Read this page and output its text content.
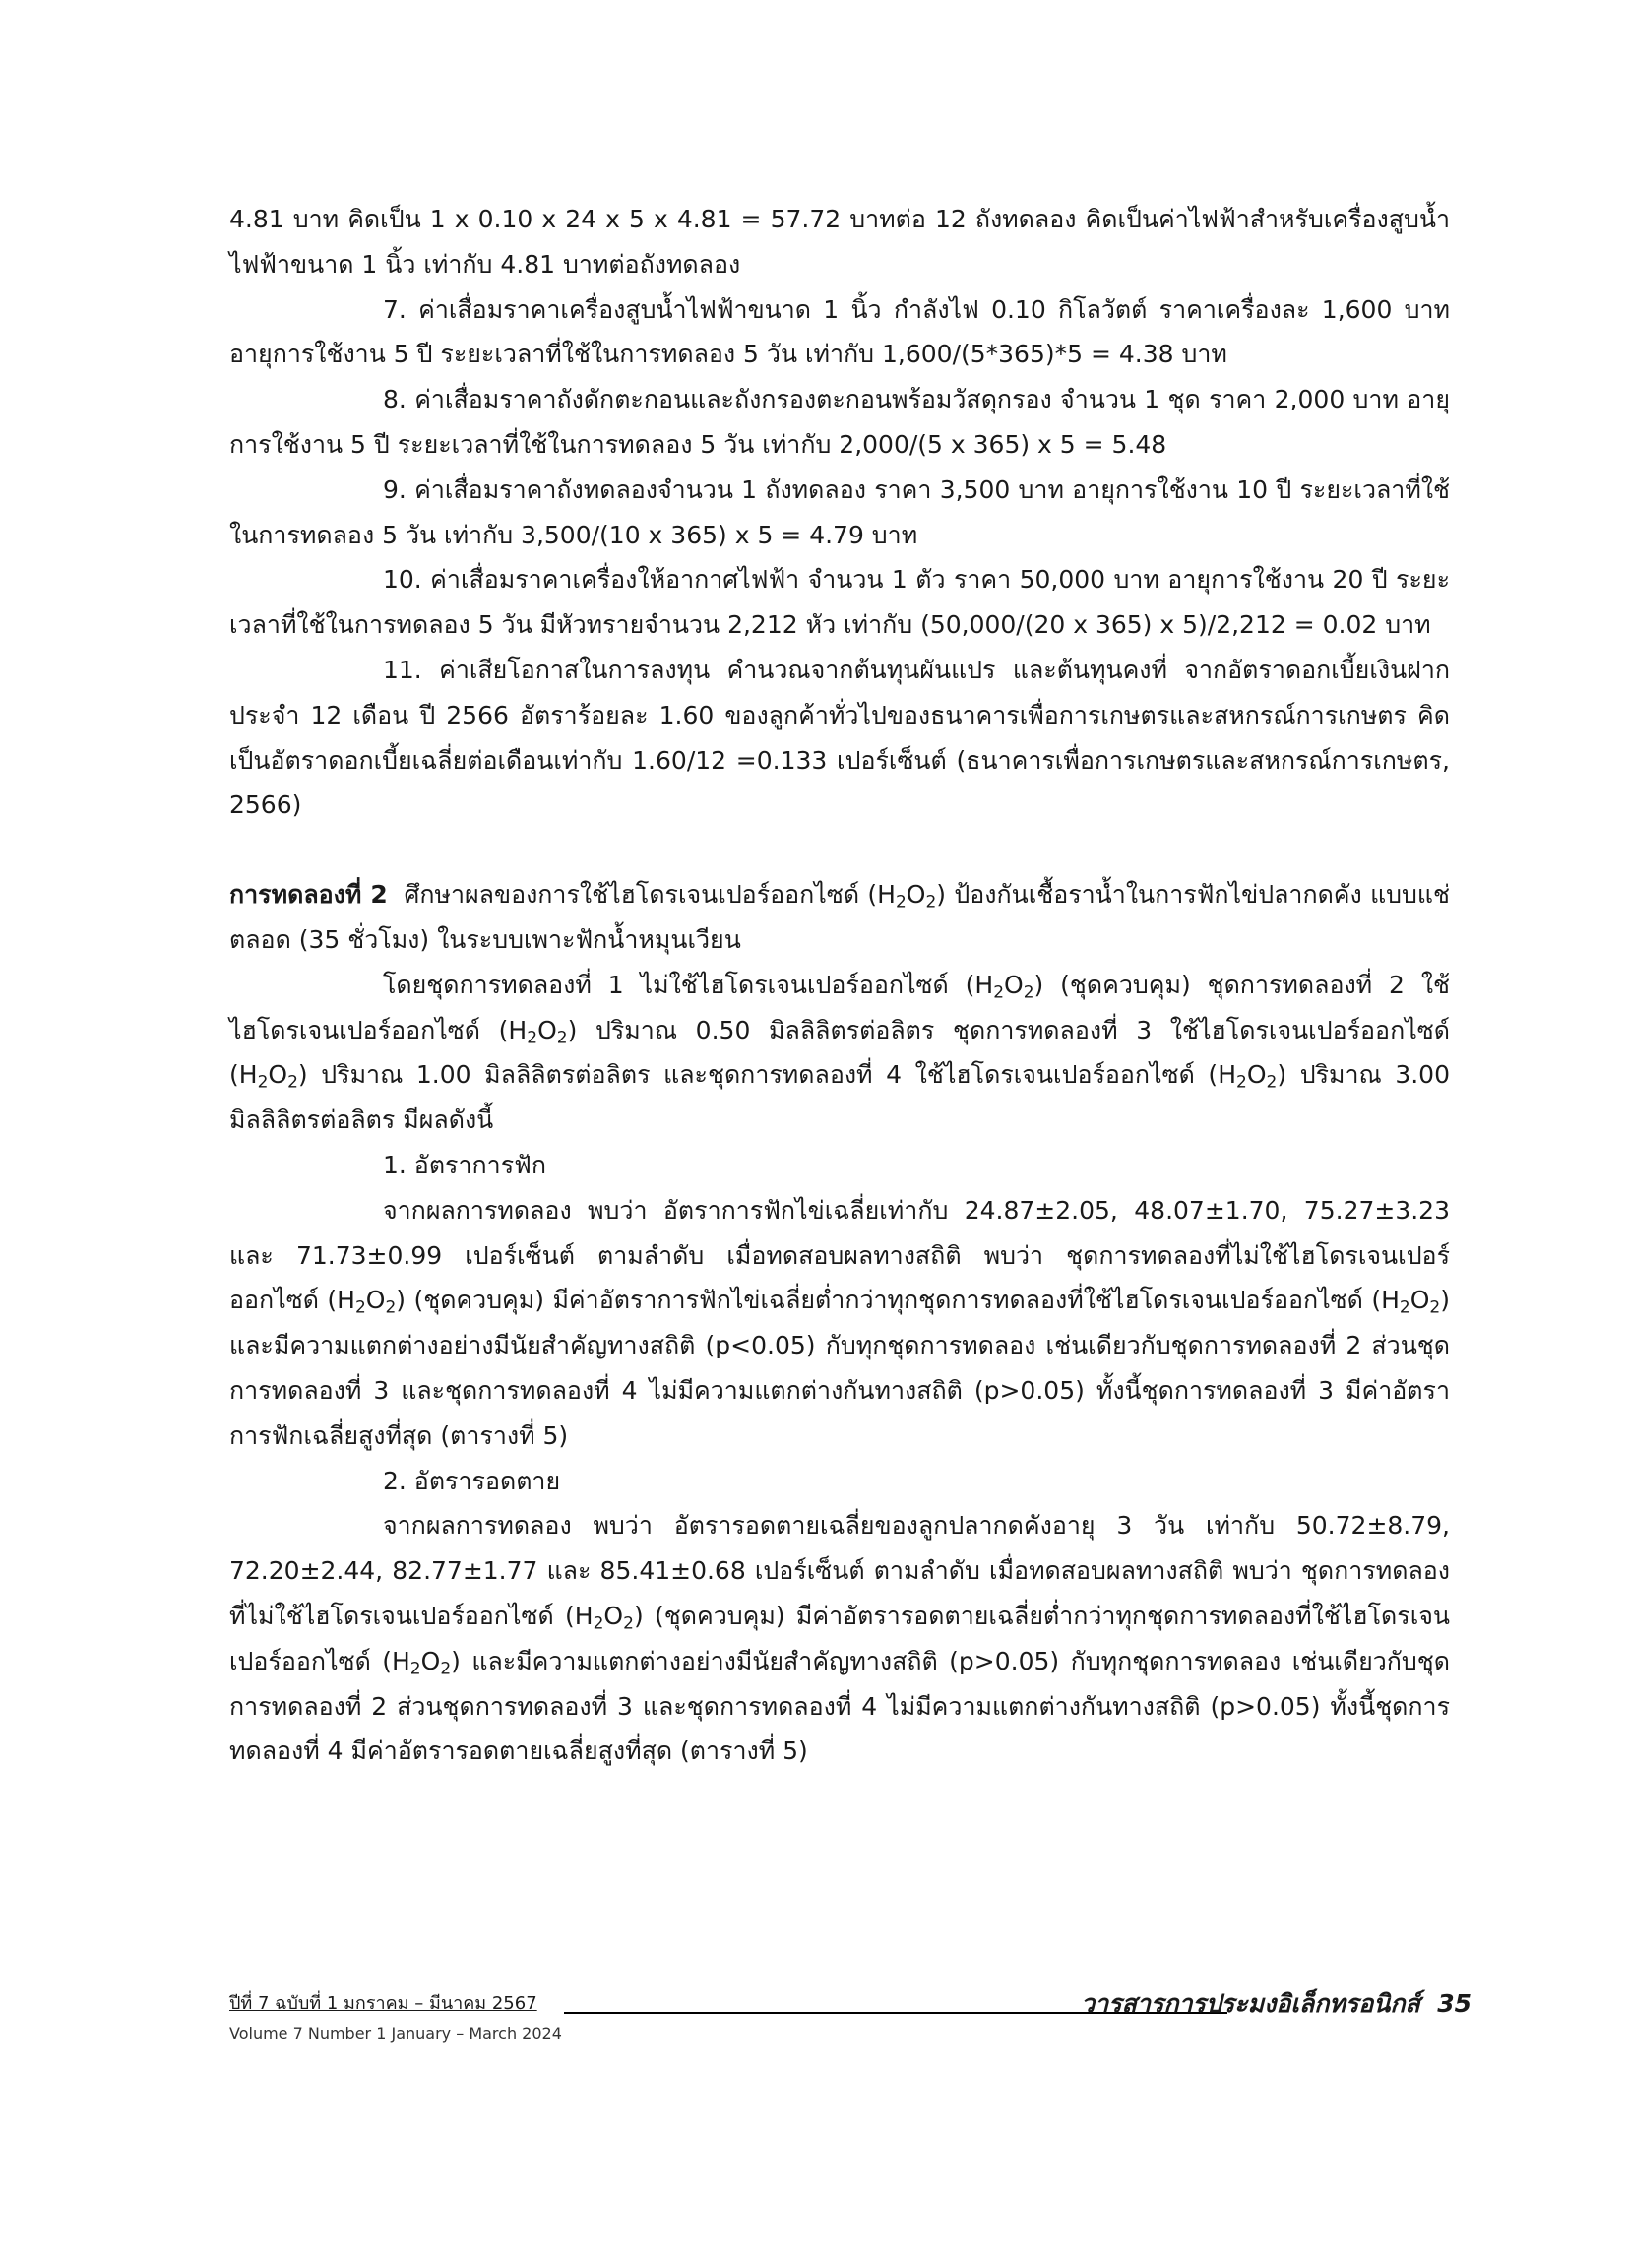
4.81 บาท คิดเป็น 1 x 0.10 x 24 x 5 x 4.81 = 57.72 บาทต่อ 12 ถังทดลอง คิดเป็นค่าไฟฟ้าสำหรับเครื่องสูบน้ำไฟฟ้าขนาด 1 นิ้ว เท่ากับ 4.81 บาทต่อถังทดลอง

7. ค่าเสื่อมราคาเครื่องสูบน้ำไฟฟ้าขนาด 1 นิ้ว กำลังไฟ 0.10 กิโลวัตต์ ราคาเครื่องละ 1,600 บาท อายุการใช้งาน 5 ปี ระยะเวลาที่ใช้ในการทดลอง 5 วัน เท่ากับ 1,600/(5*365)*5 = 4.38 บาท

8. ค่าเสื่อมราคาถังดักตะกอนและถังกรองตะกอนพร้อมวัสดุกรอง จำนวน 1 ชุด ราคา 2,000 บาท อายุการใช้งาน 5 ปี ระยะเวลาที่ใช้ในการทดลอง 5 วัน เท่ากับ 2,000/(5 x 365) x 5 = 5.48

9. ค่าเสื่อมราคาถังทดลองจำนวน 1 ถังทดลอง ราคา 3,500 บาท อายุการใช้งาน 10 ปี ระยะเวลาที่ใช้ในการทดลอง 5 วัน เท่ากับ 3,500/(10 x 365) x 5 = 4.79 บาท

10. ค่าเสื่อมราคาเครื่องให้อากาศไฟฟ้า จำนวน 1 ตัว ราคา 50,000 บาท อายุการใช้งาน 20 ปี ระยะเวลาที่ใช้ในการทดลอง 5 วัน มีหัวทรายจำนวน 2,212 หัว เท่ากับ (50,000/(20 x 365) x 5)/2,212 = 0.02 บาท

11. ค่าเสียโอกาสในการลงทุน คำนวณจากต้นทุนผันแปร และต้นทุนคงที่ จากอัตราดอกเบี้ยเงินฝากประจำ 12 เดือน ปี 2566 อัตราร้อยละ 1.60 ของลูกค้าทั่วไปของธนาคารเพื่อการเกษตรและสหกรณ์การเกษตร คิดเป็นอัตราดอกเบี้ยเฉลี่ยต่อเดือนเท่ากับ 1.60/12 =0.133 เปอร์เซ็นต์ (ธนาคารเพื่อการเกษตรและสหกรณ์การเกษตร, 2566)

การทดลองที่ 2 ศึกษาผลของการใช้ไฮโดรเจนเปอร์ออกไซด์ $(H_2O_2)$ ป้องกันเชื้อราน้ำในการฟักไข่ปลากดคัง แบบแช่ตลอด (35 ชั่วโมง) ในระบบเพาะฟักน้ำหมุนเวียน

โดยชุดการทดลองที่ 1 ไม่ใช้ไฮโดรเจนเปอร์ออกไซด์ $(H_2O_2)$ (ชุดควบคุม) ชุดการทดลองที่ 2 ใช้ไฮโดรเจนเปอร์ออกไซด์ $(H_2O_2)$ ปริมาณ 0.50 มิลลิลิตรต่อลิตร ชุดการทดลองที่ 3 ใช้ไฮโดรเจนเปอร์ออกไซด์ $(H_2O_2)$ ปริมาณ 1.00 มิลลิลิตรต่อลิตร และชุดการทดลองที่ 4 ใช้ไฮโดรเจนเปอร์ออกไซด์ $(H_2O_2)$ ปริมาณ 3.00 มิลลิลิตรต่อลิตร มีผลดังนี้

1. อัตราการฟัก

จากผลการทดลอง พบว่า อัตราการฟักไข่เฉลี่ยเท่ากับ 24.87±2.05, 48.07±1.70, 75.27±3.23 และ 71.73±0.99 เปอร์เซ็นต์ ตามลำดับ เมื่อทดสอบผลทางสถิติ พบว่า ชุดการทดลองที่ไม่ใช้ไฮโดรเจนเปอร์ออกไซด์ $(H_2O_2)$ (ชุดควบคุม) มีค่าอัตราการฟักไข่เฉลี่ยต่ำกว่าทุกชุดการทดลองที่ใช้ไฮโดรเจนเปอร์ออกไซด์ $(H_2O_2)$ และมีความแตกต่างอย่างมีนัยสำคัญทางสถิติ (p<0.05) กับทุกชุดการทดลอง เช่นเดียวกับชุดการทดลองที่ 2 ส่วนชุดการทดลองที่ 3 และชุดการทดลองที่ 4 ไม่มีความแตกต่างกันทางสถิติ (p>0.05) ทั้งนี้ชุดการทดลองที่ 3 มีค่าอัตราการฟักเฉลี่ยสูงที่สุด (ตารางที่ 5)

2. อัตรารอดตาย

จากผลการทดลอง พบว่า อัตรารอดตายเฉลี่ยของลูกปลากดคังอายุ 3 วัน เท่ากับ 50.72±8.79, 72.20±2.44, 82.77±1.77 และ 85.41±0.68 เปอร์เซ็นต์ ตามลำดับ เมื่อทดสอบผลทางสถิติ พบว่า ชุดการทดลองที่ไม่ใช้ไฮโดรเจนเปอร์ออกไซด์ $(H_2O_2)$ (ชุดควบคุม) มีค่าอัตรารอดตายเฉลี่ยต่ำกว่าทุกชุดการทดลองที่ใช้ไฮโดรเจนเปอร์ออกไซด์ $(H_2O_2)$ และมีความแตกต่างอย่างมีนัยสำคัญทางสถิติ (p>0.05) กับทุกชุดการทดลอง เช่นเดียวกับชุดการทดลองที่ 2 ส่วนชุดการทดลองที่ 3 และชุดการทดลองที่ 4 ไม่มีความแตกต่างกันทางสถิติ (p>0.05) ทั้งนี้ชุดการทดลองที่ 4 มีค่าอัตรารอดตายเฉลี่ยสูงที่สุด (ตารางที่ 5)

ปีที่ 7 ฉบับที่ 1 มกราคม – มีนาคม 2567	วารสารการประมงอิเล็กทรอนิกส์ 35
Volume 7 Number 1 January – March 2024
